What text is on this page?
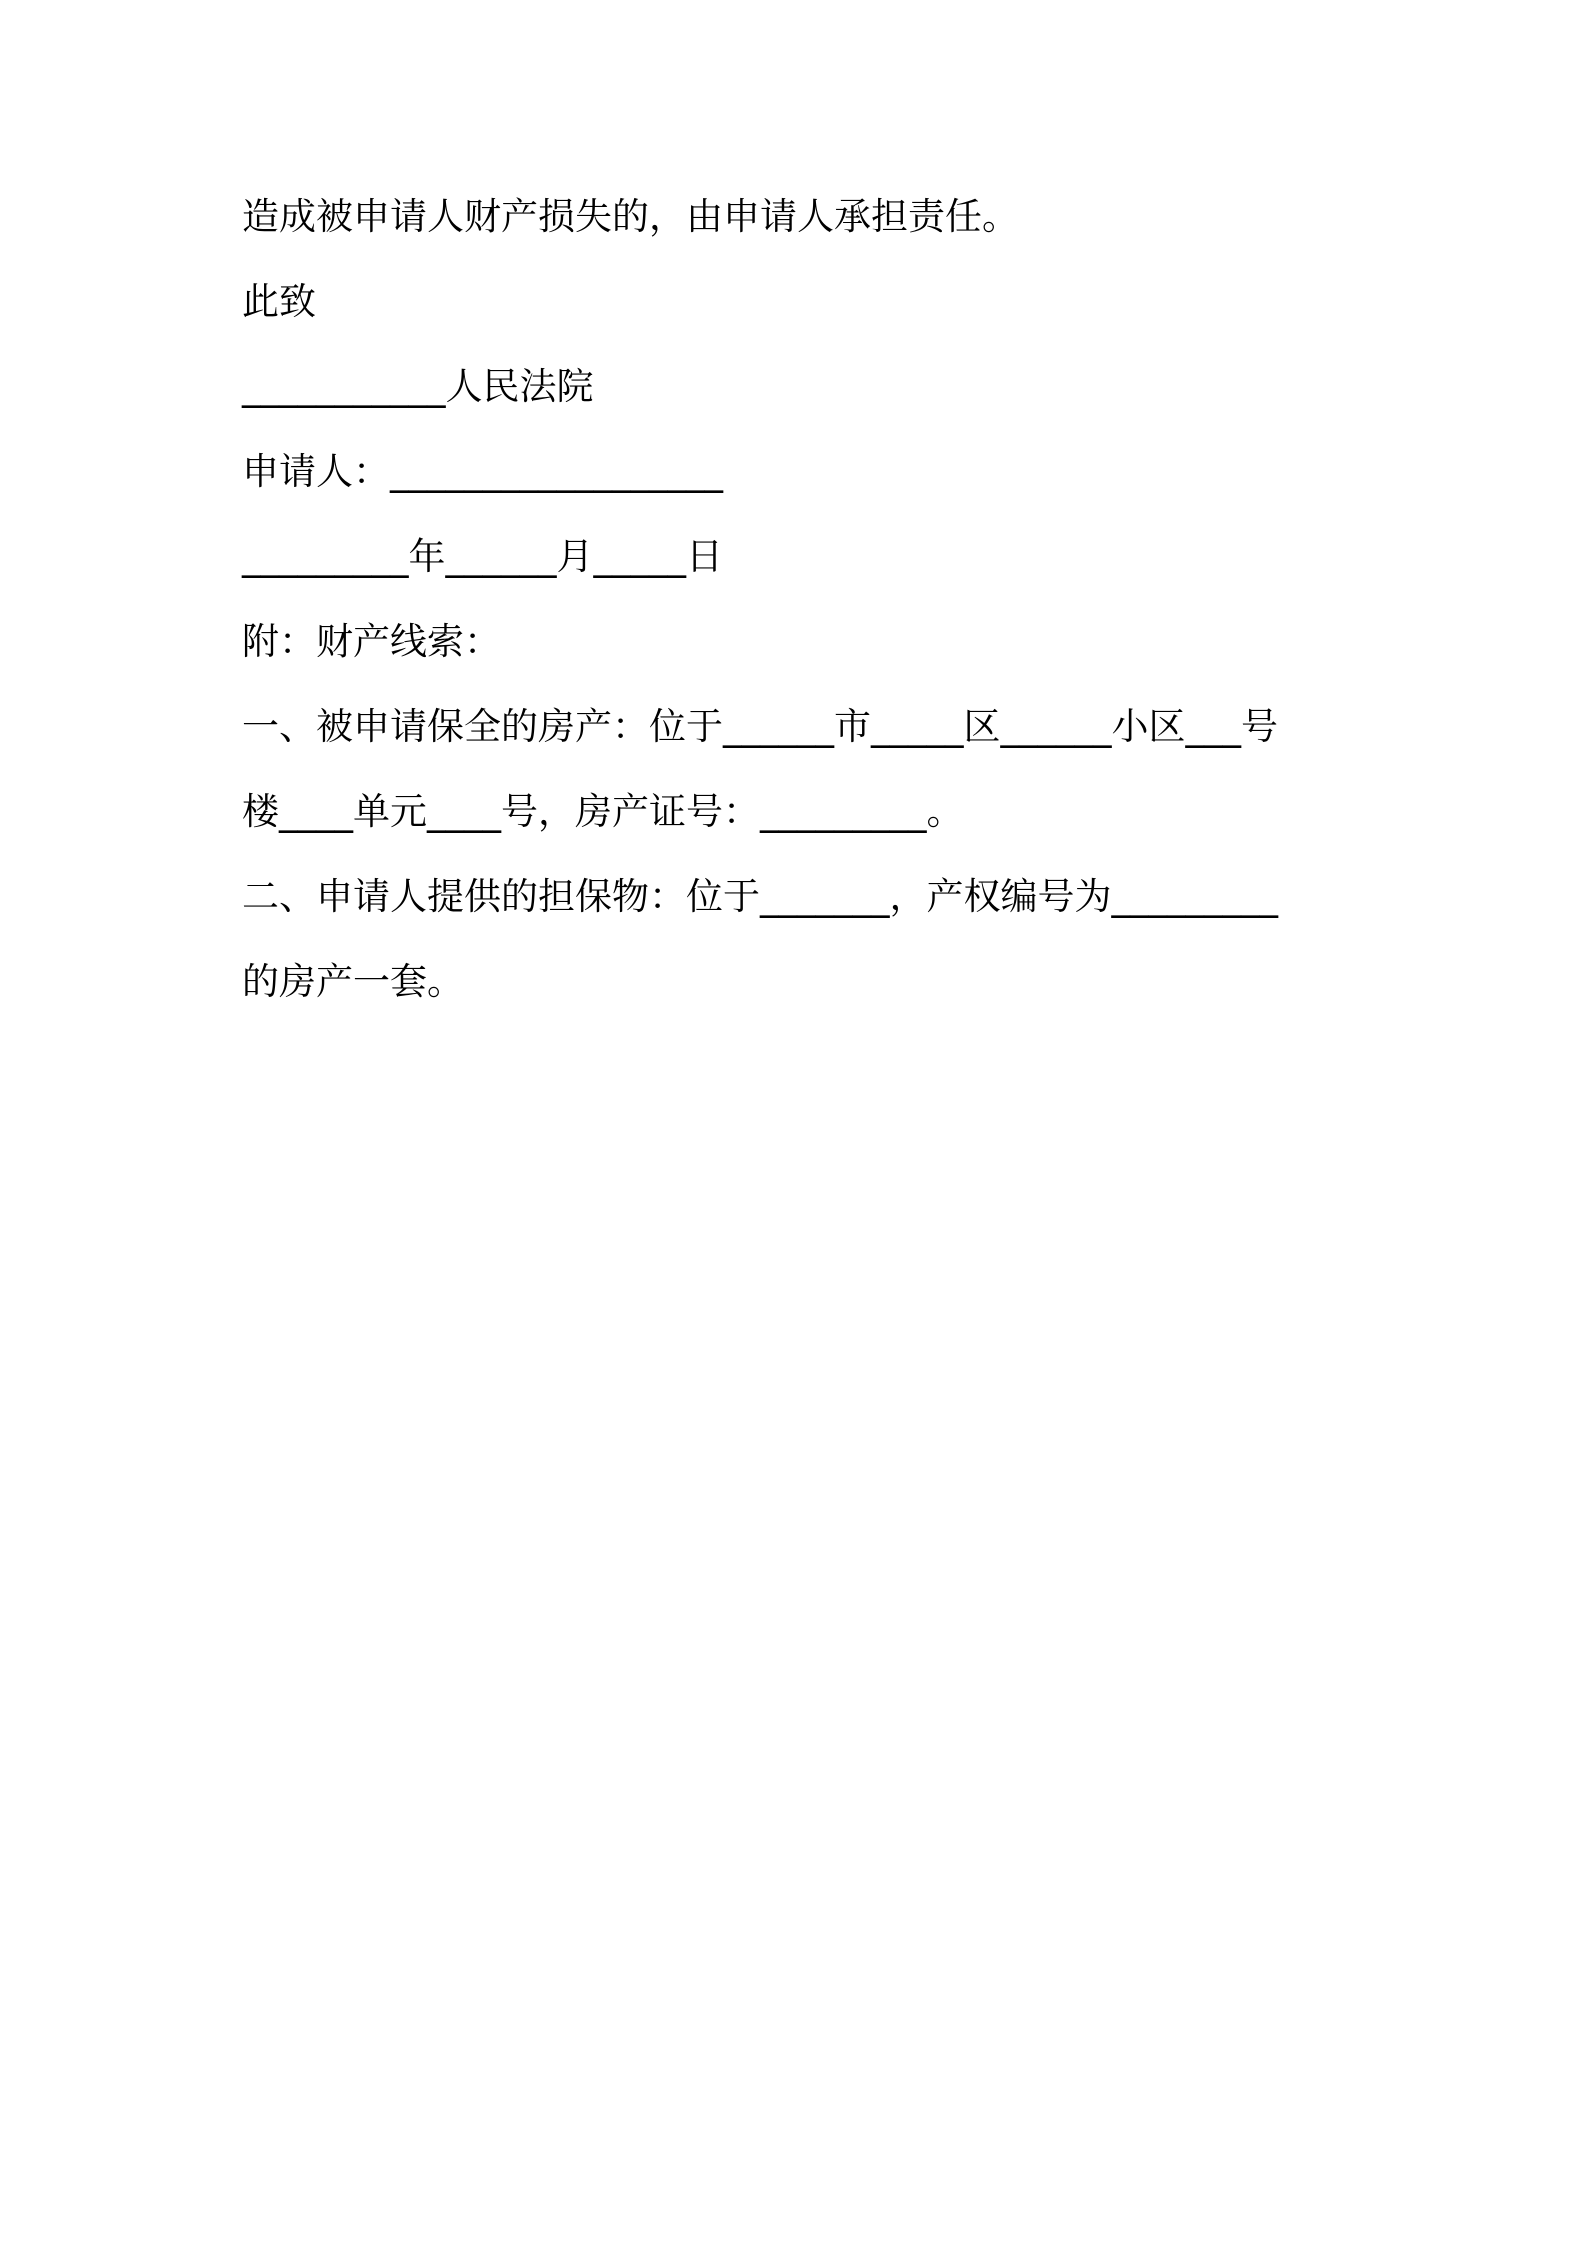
造成被申请人财产损失的，由申请人承担责任。
此致
___________人民法院
申请人：__________________
_________年______月_____日
附：财产线索：
一、被申请保全的房产：位于______市_____区______小区___号
楼____单元____号，房产证号：_________。
二、申请人提供的担保物：位于_______，产权编号为_________
的房产一套。
